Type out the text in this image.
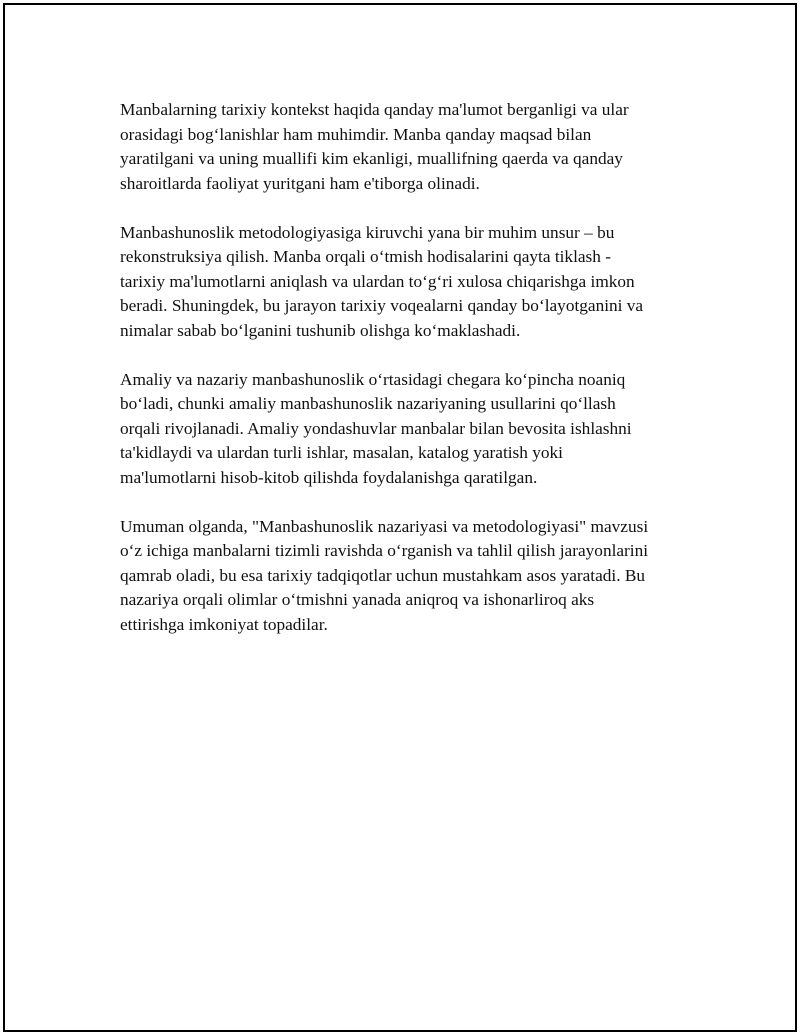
Manbalarning tarixiy kontekst haqida qanday ma'lumot berganligi va ular
orasidagi bog‘lanishlar ham muhimdir. Manba qanday maqsad bilan
yaratilgani va uning muallifi kim ekanligi, muallifning qaerda va qanday
sharoitlarda faoliyat yuritgani ham e'tiborga olinadi.

Manbashunoslik metodologiyasiga kiruvchi yana bir muhim unsur – bu
rekonstruksiya qilish. Manba orqali o‘tmish hodisalarini qayta tiklash -
tarixiy ma'lumotlarni aniqlash va ulardan to‘g‘ri xulosa chiqarishga imkon
beradi. Shuningdek, bu jarayon tarixiy voqealarni qanday bo‘layotganini va
nimalar sabab bo‘lganini tushunib olishga ko‘maklashadi.

Amaliy va nazariy manbashunoslik o‘rtasidagi chegara ko‘pincha noaniq
bo‘ladi, chunki amaliy manbashunoslik nazariyaning usullarini qo‘llash
orqali rivojlanadi. Amaliy yondashuvlar manbalar bilan bevosita ishlashni
ta'kidlaydi va ulardan turli ishlar, masalan, katalog yaratish yoki
ma'lumotlarni hisob-kitob qilishda foydalanishga qaratilgan.

Umuman olganda, "Manbashunoslik nazariyasi va metodologiyasi" mavzusi
o‘z ichiga manbalarni tizimli ravishda o‘rganish va tahlil qilish jarayonlarini
qamrab oladi, bu esa tarixiy tadqiqotlar uchun mustahkam asos yaratadi. Bu
nazariya orqali olimlar o‘tmishni yanada aniqroq va ishonarliroq aks
ettirishga imkoniyat topadilar.
